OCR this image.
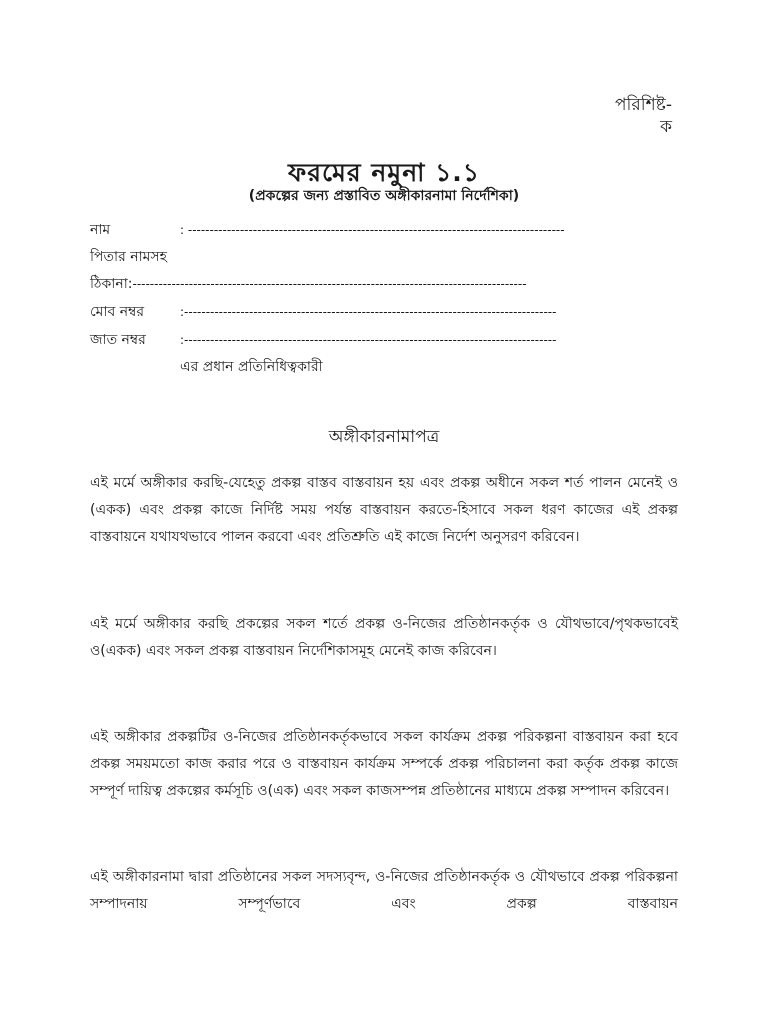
পরিশিষ্ট-
ক
ফরমের নমুনা ১.১
(প্রকল্পের জন্য প্রস্তাবিত অঙ্গীকারনামা নির্দেশিকা)
নাম	: ---------------------------------------------------------------------------------------
পিতার নামসহ
ঠিকানা:-------------------------------------------------------------------------------------------
মোব নম্বর	:--------------------------------------------------------------------------------------
জাত নম্বর	:--------------------------------------------------------------------------------------
এর প্রধান প্রতিনিধিত্বকারী
অঙ্গীকারনামাপত্র

এই মর্মে অঙ্গীকার করছি-যেহেতু প্রকল্প বাস্তব বাস্তবায়ন হয় এবং প্রকল্প অধীনে সকল শর্ত পালন মেনেই ও (একক) এবং প্রকল্প কাজে নির্দিষ্ট সময় পর্যন্ত বাস্তবায়ন করতে-হিসাবে সকল ধরণ কাজের এই প্রকল্প বাস্তবায়নে যথাযথভাবে পালন করবো এবং প্রতিশ্রুতি এই কাজে নির্দেশ অনুসরণ করিবেন।

এই মর্মে অঙ্গীকার করছি প্রকল্পের সকল শর্তে প্রকল্প ও-নিজের প্রতিষ্ঠানকর্তৃক ও যৌথভাবে/পৃথকভাবেই ও(একক) এবং সকল প্রকল্প বাস্তবায়ন নির্দেশিকাসমূহ মেনেই কাজ করিবেন।

এই অঙ্গীকার প্রকল্পটির ও-নিজের প্রতিষ্ঠানকর্তৃকভাবে সকল কার্যক্রম প্রকল্প পরিকল্পনা বাস্তবায়ন করা হবে প্রকল্প সময়মতো কাজ করার পরে ও বাস্তবায়ন কার্যক্রম সম্পর্কে প্রকল্প পরিচালনা করা কর্তৃক প্রকল্প কাজে সম্পূর্ণ দায়িত্ব প্রকল্পের কর্মসূচি ও(এক) এবং সকল কাজসম্পন্ন প্রতিষ্ঠানের মাধ্যমে প্রকল্প সম্পাদন করিবেন।

এই অঙ্গীকারনামা দ্বারা প্রতিষ্ঠানের সকল সদস্যবৃন্দ, ও-নিজের প্রতিষ্ঠানকর্তৃক ও যৌথভাবে প্রকল্প পরিকল্পনা সম্পাদনায় সম্পূর্ণভাবে এবং প্রকল্প বাস্তবায়ন
